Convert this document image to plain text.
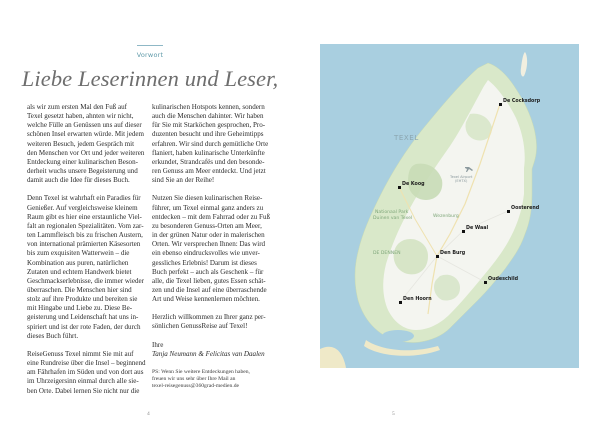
Vorwort
Liebe Leserinnen und Leser,

als wir zum ersten Mal den Fuß auf
Texel gesetzt haben, ahnten wir nicht,
welche Fülle an Genüssen uns auf dieser
schönen Insel erwarten würde. Mit jedem
weiteren Besuch, jedem Gespräch mit
den Menschen vor Ort und jeder weiteren
Entdeckung einer kulinarischen Beson-
derheit wuchs unsere Begeisterung und
damit auch die Idee für dieses Buch.

Denn Texel ist wahrhaft ein Paradies für
Genießer. Auf vergleichsweise kleinem
Raum gibt es hier eine erstaunliche Viel-
falt an regionalen Spezialitäten. Vom zar-
ten Lammfleisch bis zu frischen Austern,
von international prämierten Käsesorten
bis zum exquisiten Watterwein – die
Kombination aus puren, natürlichen
Zutaten und echtem Handwerk bietet
Geschmackserlebnisse, die immer wieder
überraschen. Die Menschen hier sind
stolz auf ihre Produkte und bereiten sie
mit Hingabe und Liebe zu. Diese Be-
geisterung und Leidenschaft hat uns in-
spiriert und ist der rote Faden, der durch
dieses Buch führt.

ReiseGenuss Texel nimmt Sie mit auf
eine Rundreise über die Insel – beginnend
am Fährhafen im Süden und von dort aus
im Uhrzeigersinn einmal durch alle sie-
ben Orte. Dabei lernen Sie nicht nur die

kulinarischen Hotspots kennen, sondern
auch die Menschen dahinter. Wir haben
für Sie mit Starköchen gesprochen, Pro-
duzenten besucht und ihre Geheimtipps
erfahren. Wir sind durch gemütliche Orte
flaniert, haben kulinarische Unterkünfte
erkundet, Strandcafés und den besonde-
ren Genuss am Meer entdeckt. Und jetzt
sind Sie an der Reihe!

Nutzen Sie diesen kulinarischen Reise-
führer, um Texel einmal ganz anders zu
entdecken – mit dem Fahrrad oder zu Fuß
zu besonderen Genuss-Orten am Meer,
in der grünen Natur oder in malerischen
Orten. Wir versprechen Ihnen: Das wird
ein ebenso eindrucksvolles wie unver-
gessliches Erlebnis! Darum ist dieses
Buch perfekt – auch als Geschenk – für
alle, die Texel lieben, gutes Essen schät-
zen und die Insel auf eine überraschende
Art und Weise kennenlernen möchten.

Herzlich willkommen zu Ihrer ganz per-
sönlichen GenussReise auf Texel!

Ihre
Tanja Neumann & Felicitas van Daalen

PS: Wenn Sie weitere Entdeckungen haben,
freuen wir uns sehr über Ihre Mail an
texel-reisegenuss@360grad-medien.de
4
TEXEL
Texel Airport
(EHTX)
De Cocksdorp
De Koog
Oosterend
De Waal
Den Burg
Oudeschild
Den Hoorn
Nationaal Park
Duinen van Texel	Wezenburg
DE DENNEN
5
